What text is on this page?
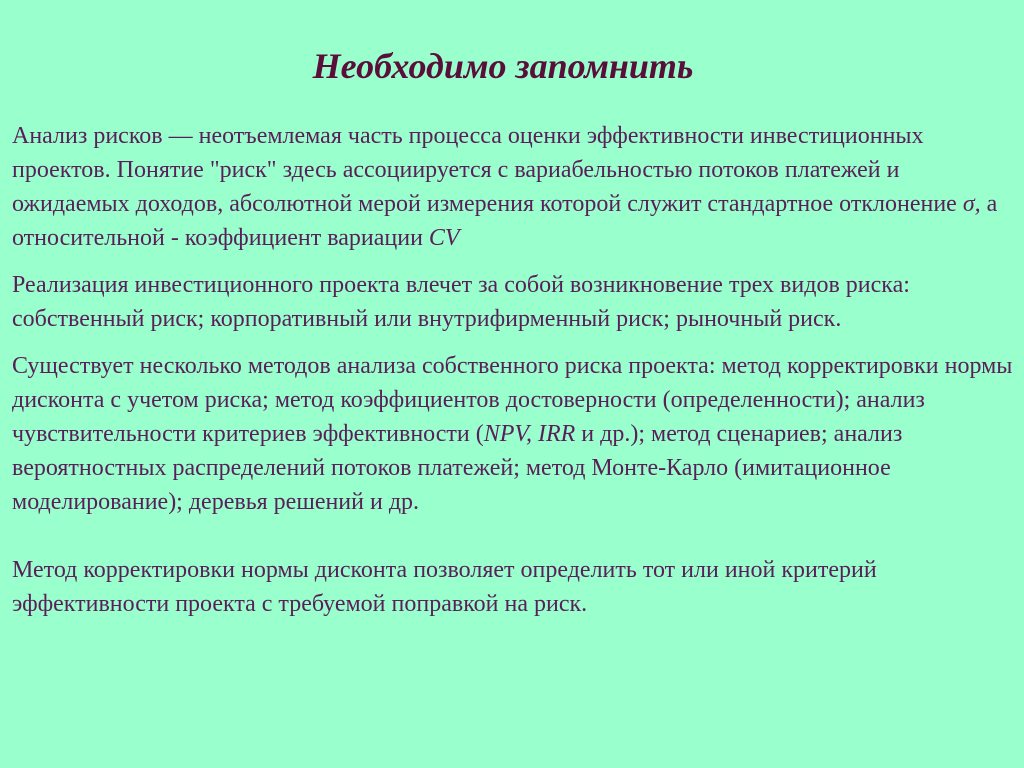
Необходимо запомнить

Анализ рисков — неотъемлемая часть процесса оценки эффективности инвестиционных проектов. Понятие "риск" здесь ассоциируется с вариабельностью потоков платежей и ожидаемых доходов, абсолютной мерой измерения которой служит стандартное отклонение σ, а относительной - коэффициент вариации CV

Реализация инвестиционного проекта влечет за собой возникновение трех видов риска: собственный риск; корпоративный или внутрифирменный риск; рыночный риск.

Существует несколько методов анализа собственного риска проекта: метод корректировки нормы дисконта с учетом риска; метод коэффициентов достоверности (определенности); анализ чувствительности критериев эффективности (NPV, IRR и др.); метод сценариев; анализ вероятностных распределений потоков платежей; метод Монте-Карло (имитационное моделирование); деревья решений и др.

Метод корректировки нормы дисконта позволяет определить тот или иной критерий эффективности проекта с требуемой поправкой на риск.
